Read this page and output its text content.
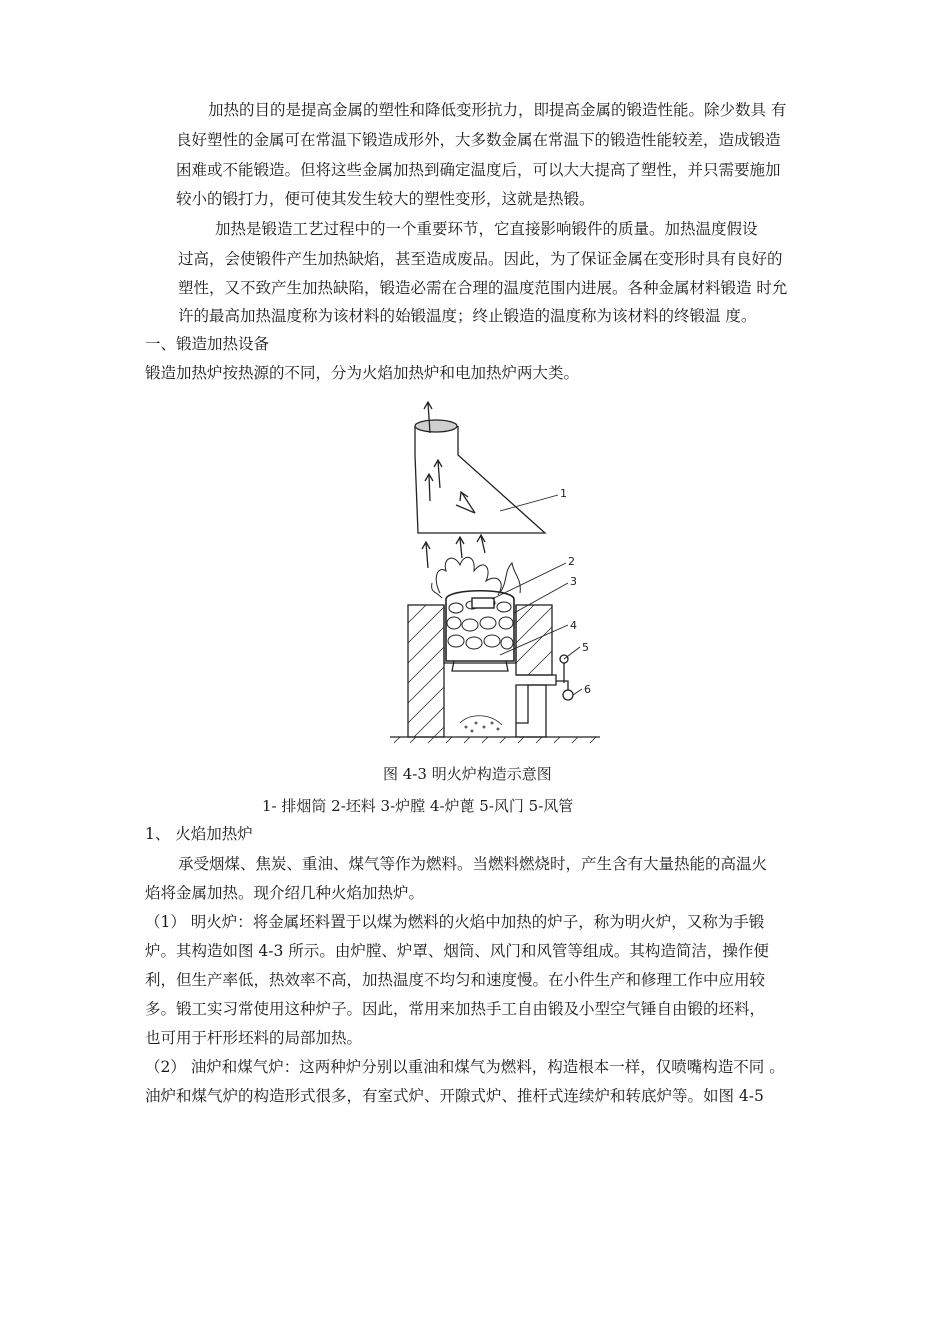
加热的目的是提高金属的塑性和降低变形抗力，即提高金属的锻造性能。除少数具 有
良好塑性的金属可在常温下锻造成形外，大多数金属在常温下的锻造性能较差，造成锻造
困难或不能锻造。但将这些金属加热到确定温度后，可以大大提高了塑性，并只需要施加
较小的锻打力，便可使其发生较大的塑性变形，这就是热锻。
加热是锻造工艺过程中的一个重要环节，它直接影响锻件的质量。加热温度假设
过高，会使锻件产生加热缺焰，甚至造成废品。因此，为了保证金属在变形时具有良好的
塑性，又不致产生加热缺陷，锻造必需在合理的温度范围内进展。各种金属材料锻造 时允
许的最高加热温度称为该材料的始锻温度；终止锻造的温度称为该材料的终锻温 度。
一、锻造加热设备
锻造加热炉按热源的不同，分为火焰加热炉和电加热炉两大类。
1
2
3
4
5
6
图 4-3 明火炉构造示意图
1- 排烟筒 2-坯料 3-炉膛 4-炉蓖 5-风门 5-风管
1、 火焰加热炉
承受烟煤、焦炭、重油、煤气等作为燃料。当燃料燃烧时，产生含有大量热能的高温火
焰将金属加热。现介绍几种火焰加热炉。
（1） 明火炉：将金属坯料置于以煤为燃料的火焰中加热的炉子，称为明火炉，又称为手锻
炉。其构造如图 4-3 所示。由炉膛、炉罩、烟筒、风门和风管等组成。其构造简洁，操作便
利，但生产率低，热效率不高，加热温度不均匀和速度慢。在小件生产和修理工作中应用较
多。锻工实习常使用这种炉子。因此，常用来加热手工自由锻及小型空气锤自由锻的坯料，
也可用于杆形坯料的局部加热。
（2） 油炉和煤气炉：这两种炉分别以重油和煤气为燃料，构造根本一样，仅喷嘴构造不同 。
油炉和煤气炉的构造形式很多，有室式炉、开隙式炉、推杆式连续炉和转底炉等。如图 4-5
